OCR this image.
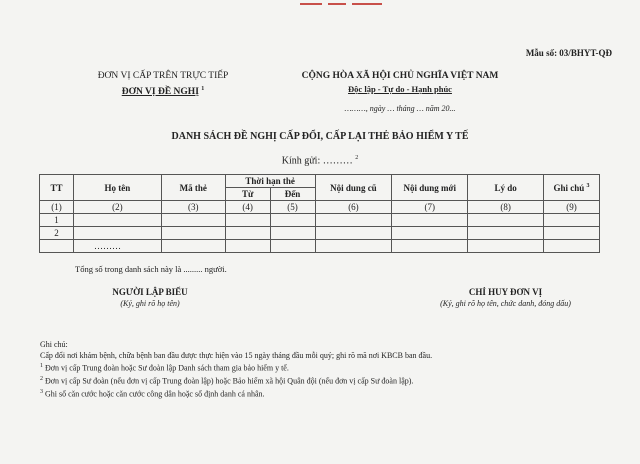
Mẫu số: 03/BHYT-QĐ
ĐƠN VỊ CẤP TRÊN TRỰC TIẾP
ĐƠN VỊ ĐỀ NGHỊ $^1$
CỘNG HÒA XÃ HỘI CHỦ NGHĨA VIỆT NAM
Độc lập - Tự do - Hạnh phúc
………, ngày … tháng … năm 20...
DANH SÁCH ĐỀ NGHỊ CẤP ĐỔI, CẤP LẠI THẺ BẢO HIỂM Y TẾ
Kính gửi: ……… $^2$
TT	Họ tên	Mã thẻ	Thời hạn thẻ		Nội dung cũ	Nội dung mới	Lý do	Ghi chú $^3$
			Từ	Đến				
(1)	(2)	(3)	(4)	(5)	(6)	(7)	(8)	(9)
1								
2								
	………							
Tổng số trong danh sách này là ......... người.
NGƯỜI LẬP BIỂU
(Ký, ghi rõ họ tên)
CHỈ HUY ĐƠN VỊ
(Ký, ghi rõ họ tên, chức danh, đóng dấu)
Ghi chú:
Cấp đổi nơi khám bệnh, chữa bệnh ban đầu được thực hiện vào 15 ngày tháng đầu mỗi quý; ghi rõ mã nơi KBCB ban đầu.
$^1$ Đơn vị cấp Trung đoàn hoặc Sư đoàn lập Danh sách tham gia bảo hiểm y tế.
$^2$ Đơn vị cấp Sư đoàn (nếu đơn vị cấp Trung đoàn lập) hoặc Bảo hiểm xã hội Quân đội (nếu đơn vị cấp Sư đoàn lập).
$^3$ Ghi số căn cước hoặc căn cước công dân hoặc số định danh cá nhân.
